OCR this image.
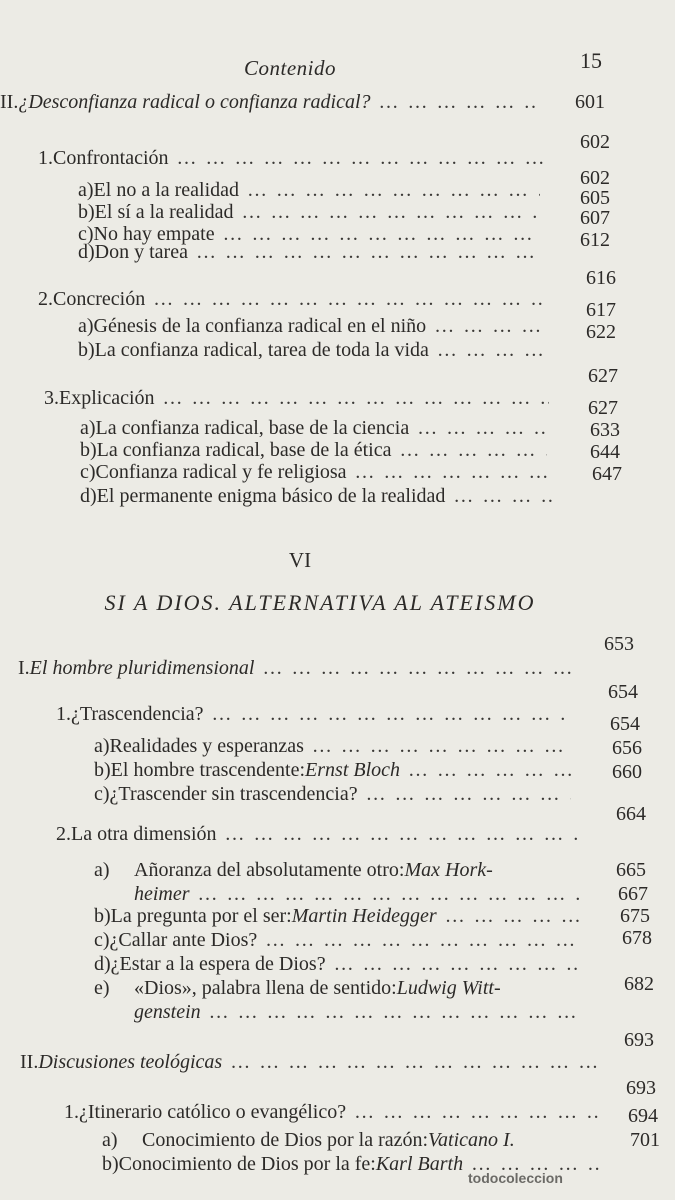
Contenido	15
II. ¿Desconfianza radical o confianza radical?
… … … … … … … … … … … … … … … … … … … … … … … … … … … … … … … … … … … … … … … … …	601
1. Confrontación
… … … … … … … … … … … … … … … … … … … … … … … … … … … … … … … … … … … … … … … … …
602
a) El no a la realidad
… … … … … … … … … … … … … … … … … … … … … … … … … … … … … … … … … … … … … … … … …
602
b) El sí a la realidad
… … … … … … … … … … … … … … … … … … … … … … … … … … … … … … … … … … … … … … … … …
605
c) No hay empate
… … … … … … … … … … … … … … … … … … … … … … … … … … … … … … … … … … … … … … … … …
607
d) Don y tarea
… … … … … … … … … … … … … … … … … … … … … … … … … … … … … … … … … … … … … … … … …
612
2. Concreción
… … … … … … … … … … … … … … … … … … … … … … … … … … … … … … … … … … … … … … … … …
616
a) Génesis de la confianza radical en el niño
… … … … … … … … … … … … … … … … … … … … … … … … … … … … … … … … … … … … … … … … …
617
b) La confianza radical, tarea de toda la vida
… … … … … … … … … … … … … … … … … … … … … … … … … … … … … … … … … … … … … … … … …
622
3. Explicación
… … … … … … … … … … … … … … … … … … … … … … … … … … … … … … … … … … … … … … … … …
627
a) La confianza radical, base de la ciencia
… … … … … … … … … … … … … … … … … … … … … … … … … … … … … … … … … … … … … … … … …
627
b) La confianza radical, base de la ética
… … … … … … … … … … … … … … … … … … … … … … … … … … … … … … … … … … … … … … … … …
633
c) Confianza radical y fe religiosa
… … … … … … … … … … … … … … … … … … … … … … … … … … … … … … … … … … … … … … … … …
644
d) El permanente enigma básico de la realidad
… … … … … … … … … … … … … … … … … … … … … … … … … … … … … … … … … … … … … … … … …
647
VI
SI A DIOS. ALTERNATIVA AL ATEISMO
I. El hombre pluridimensional
… … … … … … … … … … … … … … … … … … … … … … … … … … … … … … … … … … … … … … … … …
653
1. ¿Trascendencia?
… … … … … … … … … … … … … … … … … … … … … … … … … … … … … … … … … … … … … … … … …
654
a) Realidades y esperanzas
… … … … … … … … … … … … … … … … … … … … … … … … … … … … … … … … … … … … … … … … …
654
b) El hombre trascendente: Ernst Bloch
… … … … … … … … … … … … … … … … … … … … … … … … … … … … … … … … … … … … … … … … …
656
c) ¿Trascender sin trascendencia?
… … … … … … … … … … … … … … … … … … … … … … … … … … … … … … … … … … … … … … … … …
660
2. La otra dimensión
… … … … … … … … … … … … … … … … … … … … … … … … … … … … … … … … … … … … … … … … …
664
a)	Añoranza del absolutamente otro: Max Hork-
heimer
… … … … … … … … … … … … … … … … … … … … … … … … … … … … … … … … … … … … … … … … …
665
b) La pregunta por el ser: Martin Heidegger
… … … … … … … … … … … … … … … … … … … … … … … … … … … … … … … … … … … … … … … … …
667
c) ¿Callar ante Dios?
… … … … … … … … … … … … … … … … … … … … … … … … … … … … … … … … … … … … … … … … …
675
d) ¿Estar a la espera de Dios?
… … … … … … … … … … … … … … … … … … … … … … … … … … … … … … … … … … … … … … … … …
678
e)	«Dios», palabra llena de sentido: Ludwig Witt-
genstein
… … … … … … … … … … … … … … … … … … … … … … … … … … … … … … … … … … … … … … … … …
682
II. Discusiones teológicas
… … … … … … … … … … … … … … … … … … … … … … … … … … … … … … … … … … … … … … … … …
693
1. ¿Itinerario católico o evangélico?
… … … … … … … … … … … … … … … … … … … … … … … … … … … … … … … … … … … … … … … … …
693
a)	Conocimiento de Dios por la razón: Vaticano I.
694
b) Conocimiento de Dios por la fe: Karl Barth
… … … … … … … … … … … … … … … … … … … … … … … … … … … … … … … … … … … … … … … … …
701
todocoleccion
